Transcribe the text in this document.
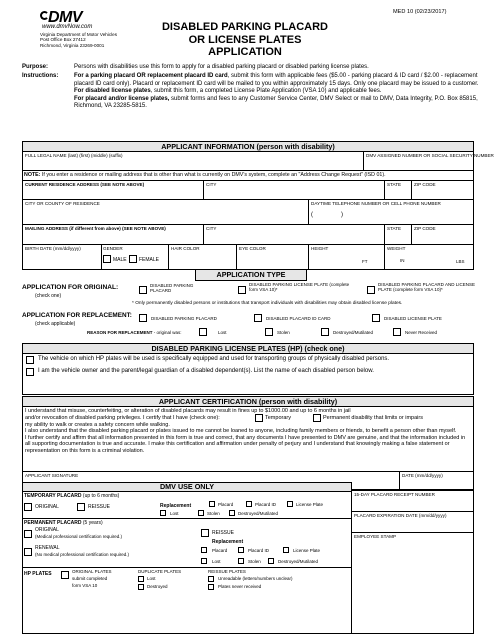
DMV
www.dmvNow.com
Virginia Department of Motor Vehicles
Post Office Box 27412
Richmond, Virginia 23269-0001
DISABLED PARKING PLACARD
OR LICENSE PLATES
APPLICATION
MED 10 (02/23/2017)
Purpose:	Persons with disabilities use this form to apply for a disabled parking placard or disabled parking license plates.
Instructions:	For a parking placard OR replacement placard ID card, submit this form with applicable fees ($5.00 - parking placard & ID card / $2.00 - replacement placard ID card only). Placard or replacement ID card will be mailed to you within approximately 15 days. Only one placard may be issued to a customer.
For disabled license plates, submit this form, a completed License Plate Application (VSA 10) and applicable fees.
For placard and/or license plates, submit forms and fees to any Customer Service Center, DMV Select or mail to DMV, Data Integrity, P.O. Box 85815, Richmond, VA 23285-5815.
APPLICANT INFORMATION (person with disability)
FULL LEGAL NAME (last) (first) (middle) (suffix)	DMV ASSIGNED NUMBER OR SOCIAL SECURITY NUMBER
NOTE: If you enter a residence or mailing address that is other than what is currently on DMV's system, complete an "Address Change Request" (ISD 01).
CURRENT RESIDENCE ADDRESS (SEE NOTE ABOVE)	CITY	STATE	ZIP CODE
CITY OR COUNTY OF RESIDENCE	DAYTIME TELEPHONE NUMBER OR CELL PHONE NUMBER
(	)
MAILING ADDRESS (if different from above) (SEE NOTE ABOVE)	CITY	STATE	ZIP CODE
BIRTH DATE (mm/dd/yyyy)	GENDER
MALE FEMALE
HAIR COLOR	EYE COLOR	HEIGHT
FT	IN
WEIGHT
LBS
APPLICATION TYPE
APPLICATION FOR ORIGINAL:
(check one)
DISABLED PARKING PLACARD
DISABLED PARKING LICENSE PLATE (complete form VSA 10)*
DISABLED PARKING PLACARD AND LICENSE PLATE (complete form VSA 10)*
* Only permanently disabled persons or institutions that transport individuals with disabilities may obtain disabled license plates.
APPLICATION FOR REPLACEMENT:
(check applicable)
DISABLED PARKING PLACARD	DISABLED PLACARD ID CARD	DISABLED LICENSE PLATE
REASON FOR REPLACEMENT - original was:	Lost	Stolen	Destroyed/Mutilated	Never Received
DISABLED PARKING LICENSE PLATES (HP) (check one)
The vehicle on which HP plates will be used is specifically equipped and used for transporting groups of physically disabled persons.
I am the vehicle owner and the parent/legal guardian of a disabled dependent(s). List the name of each disabled person below.
APPLICANT CERTIFICATION (person with disability)
I understand that misuse, counterfeiting, or alteration of disabled placards may result in fines up to $1000.00 and up to 6 months in jail
and/or revocation of disabled parking privileges. I certify that I have (check one):	Temporary	Permanent disability that limits or impairs
my ability to walk or creates a safety concern while walking.
I also understand that the disabled parking placard or plates issued to me cannot be loaned to anyone, including family members or friends, to benefit a person other than myself.
I further certify and affirm that all information presented in this form is true and correct, that any documents I have presented to DMV are genuine, and that the information included in all supporting documentation is true and accurate. I make this certification and affirmation under penalty of perjury and I understand that knowingly making a false statement or representation on this form is a criminal violation.
APPLICANT SIGNATURE	DATE (mm/dd/yyyy)
DMV USE ONLY
TEMPORARY PLACARD (up to 6 months)
ORIGINAL	REISSUE	Replacement	Placard	Placard ID	License Plate
Lost	Stolen	Destroyed/Mutilated
PERMANENT PLACARD (5 years)
ORIGINAL
(Medical professional certification required.)
RENEWAL
(No medical professional certification required.)
REISSUE
Replacement
Placard	Placard ID	License Plate
Lost	Stolen	Destroyed/Mutilated
HP PLATES	ORIGINAL PLATES
submit completed
form VSA 10
DUPLICATE PLATES
Lost
Destroyed
REISSUE PLATES
Unreadable (letters/numbers unclear)
Plates never received
15-DAY PLACARD RECEIPT NUMBER
PLACARD EXPIRATION DATE (mm/dd/yyyy)
EMPLOYEE STAMP
